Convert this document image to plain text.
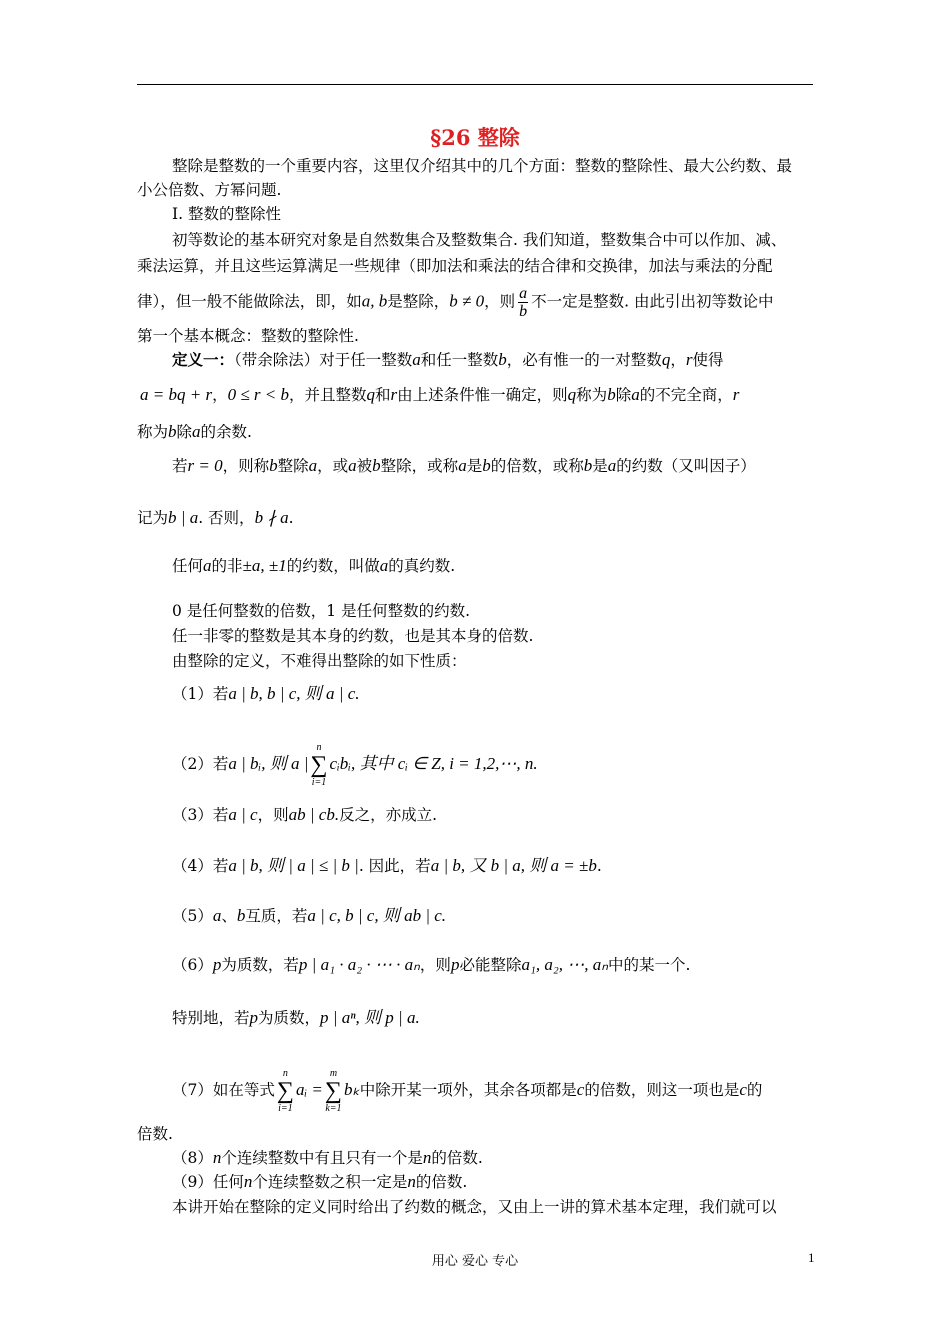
§26 整除
整除是整数的一个重要内容，这里仅介绍其中的几个方面：整数的整除性、最大公约数、最
小公倍数、方幂问题.
Ⅰ. 整数的整除性
初等数论的基本研究对象是自然数集合及整数集合. 我们知道，整数集合中可以作加、减、
乘法运算，并且这些运算满足一些规律（即加法和乘法的结合律和交换律，加法与乘法的分配
律），但一般不能做除法，即，如a, b是整除，b ≠ 0，则 $\frac{a}{b}$ 不一定是整数. 由此引出初等数论中
第一个基本概念：整数的整除性.
定义一：（带余除法）对于任一整数a和任一整数b，必有惟一的一对整数q，r使得
a = bq + r，0 ≤ r < b，并且整数q和r由上述条件惟一确定，则q称为b除a的不完全商，r
称为b除a的余数.
若r = 0，则称b整除a，或a被b整除，或称a是b的倍数，或称b是a的约数（又叫因子）
记为b | a. 否则，b ∤ a.
任何a的非±a, ±1的约数，叫做a的真约数.
0 是任何整数的倍数，1 是任何整数的约数.
任一非零的整数是其本身的约数，也是其本身的倍数.
由整除的定义，不难得出整除的如下性质：
（1）若a | b, b | c, 则 a | c.
（2）若a | bᵢ, 则 a |
n
∑
i=1
cᵢbᵢ, 其中 cᵢ ∈ Z, i = 1,2,⋯, n.
（3）若a | c，则ab | cb.反之，亦成立.
（4）若a | b, 则 | a | ≤ | b |. 因此，若a | b, 又 b | a, 则 a = ±b.
（5）a、b互质，若a | c, b | c, 则 ab | c.
（6）p为质数，若p | a₁ · a₂ · ⋯ · aₙ，则p必能整除a₁, a₂, ⋯, aₙ中的某一个.
特别地，若p为质数，p | aⁿ, 则 p | a.
（7）如在等式
n
∑
i=1
aᵢ =
m
∑
k=1
bₖ中除开某一项外，其余各项都是c的倍数，则这一项也是c的
倍数.
（8）n个连续整数中有且只有一个是n的倍数.
（9）任何n个连续整数之积一定是n的倍数.
本讲开始在整除的定义同时给出了约数的概念，又由上一讲的算术基本定理，我们就可以
用心 爱心 专心	1
